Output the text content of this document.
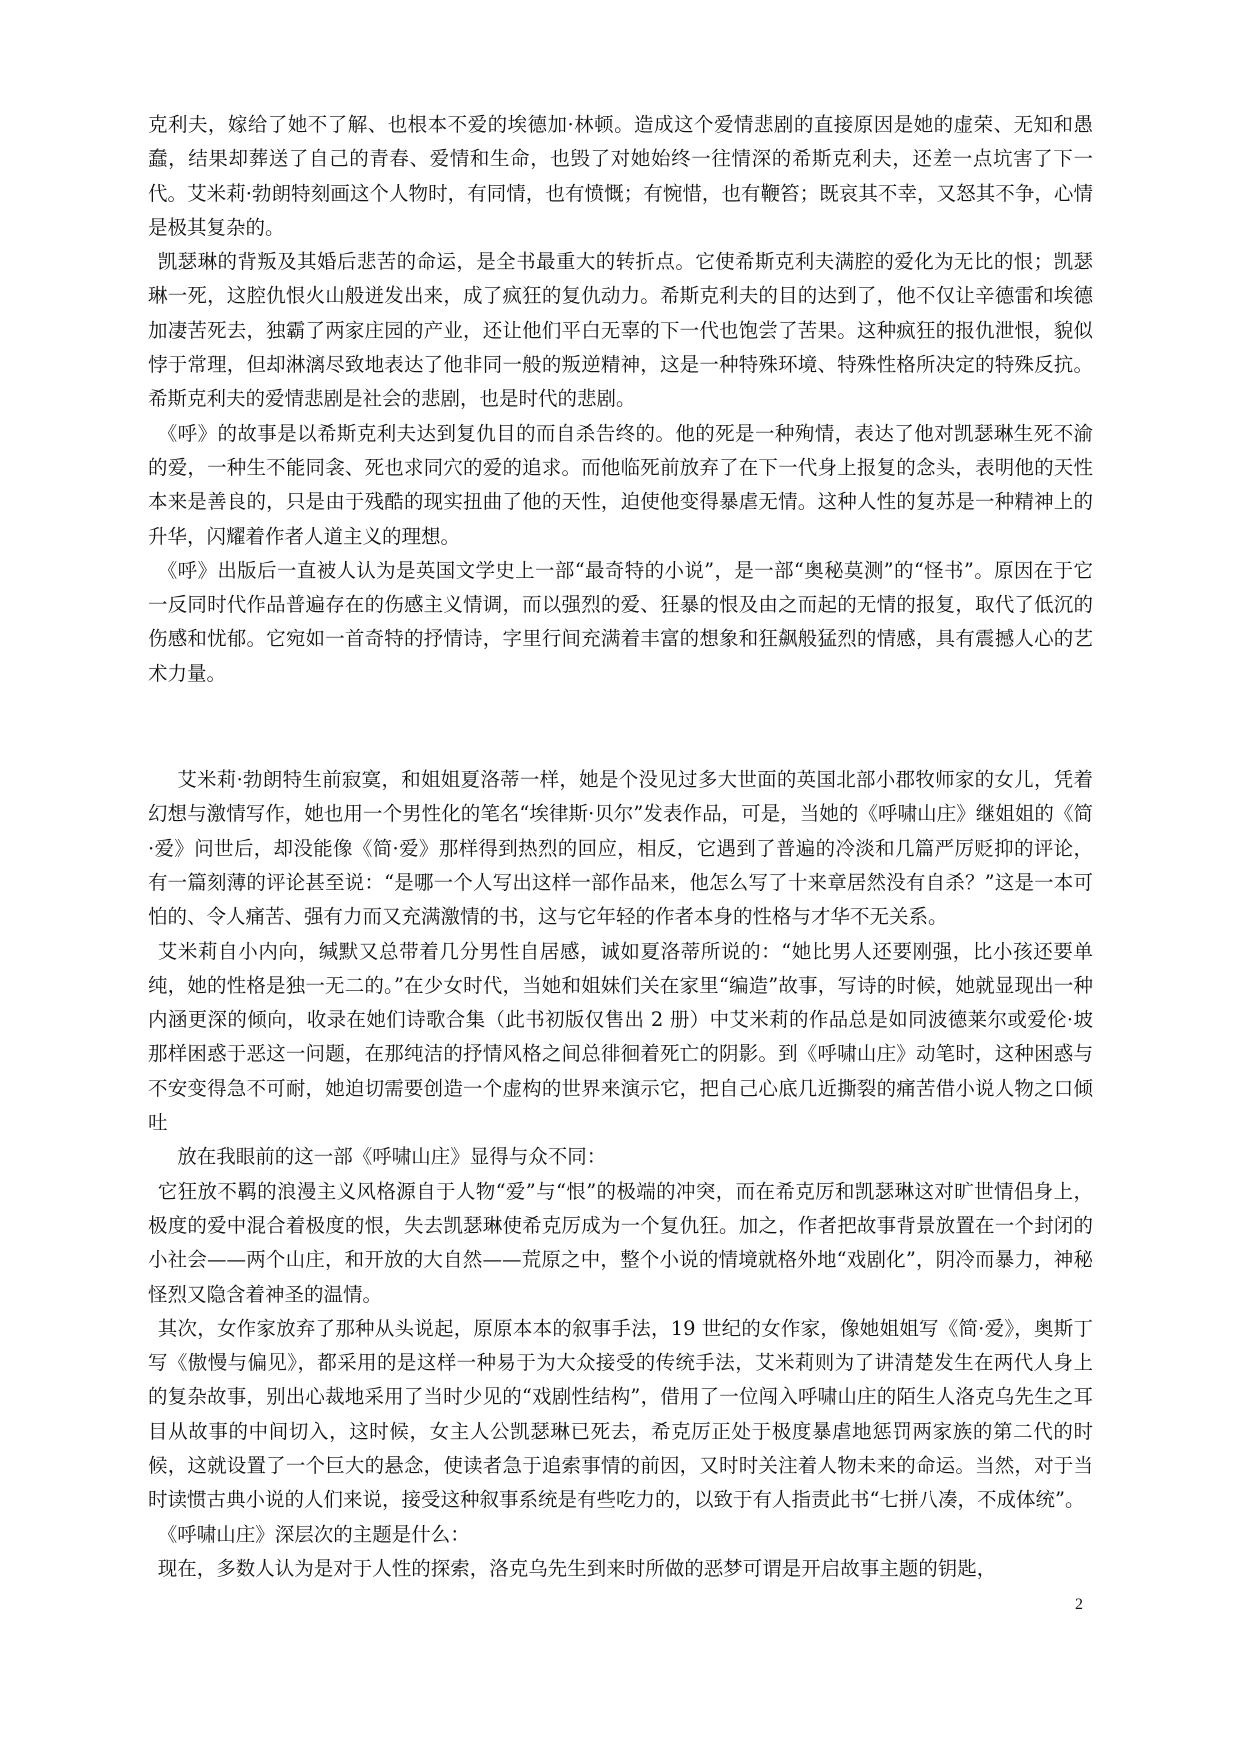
克利夫，嫁给了她不了解、也根本不爱的埃德加·林顿。造成这个爱情悲剧的直接原因是她的虚荣、无知和愚蠢，结果却葬送了自己的青春、爱情和生命，也毁了对她始终一往情深的希斯克利夫，还差一点坑害了下一代。艾米莉·勃朗特刻画这个人物时，有同情，也有愤慨；有惋惜，也有鞭笞；既哀其不幸，又怒其不争，心情是极其复杂的。

凯瑟琳的背叛及其婚后悲苦的命运，是全书最重大的转折点。它使希斯克利夫满腔的爱化为无比的恨；凯瑟琳一死，这腔仇恨火山般迸发出来，成了疯狂的复仇动力。希斯克利夫的目的达到了，他不仅让辛德雷和埃德加凄苦死去，独霸了两家庄园的产业，还让他们平白无辜的下一代也饱尝了苦果。这种疯狂的报仇泄恨，貌似悖于常理，但却淋漓尽致地表达了他非同一般的叛逆精神，这是一种特殊环境、特殊性格所决定的特殊反抗。希斯克利夫的爱情悲剧是社会的悲剧，也是时代的悲剧。

《呼》的故事是以希斯克利夫达到复仇目的而自杀告终的。他的死是一种殉情，表达了他对凯瑟琳生死不渝的爱，一种生不能同衾、死也求同穴的爱的追求。而他临死前放弃了在下一代身上报复的念头，表明他的天性本来是善良的，只是由于残酷的现实扭曲了他的天性，迫使他变得暴虐无情。这种人性的复苏是一种精神上的升华，闪耀着作者人道主义的理想。

《呼》出版后一直被人认为是英国文学史上一部“最奇特的小说”，是一部“奥秘莫测”的“怪书”。原因在于它一反同时代作品普遍存在的伤感主义情调，而以强烈的爱、狂暴的恨及由之而起的无情的报复，取代了低沉的伤感和忧郁。它宛如一首奇特的抒情诗，字里行间充满着丰富的想象和狂飙般猛烈的情感，具有震撼人心的艺术力量。

艾米莉·勃朗特生前寂寞，和姐姐夏洛蒂一样，她是个没见过多大世面的英国北部小郡牧师家的女儿，凭着幻想与激情写作，她也用一个男性化的笔名“埃律斯·贝尔”发表作品，可是，当她的《呼啸山庄》继姐姐的《简·爱》问世后，却没能像《简·爱》那样得到热烈的回应，相反，它遇到了普遍的冷淡和几篇严厉贬抑的评论，有一篇刻薄的评论甚至说：“是哪一个人写出这样一部作品来，他怎么写了十来章居然没有自杀？”这是一本可怕的、令人痛苦、强有力而又充满激情的书，这与它年轻的作者本身的性格与才华不无关系。

艾米莉自小内向，缄默又总带着几分男性自居感，诚如夏洛蒂所说的：“她比男人还要刚强，比小孩还要单纯，她的性格是独一无二的。”在少女时代，当她和姐妹们关在家里“编造”故事，写诗的时候，她就显现出一种内涵更深的倾向，收录在她们诗歌合集（此书初版仅售出 2 册）中艾米莉的作品总是如同波德莱尔或爱伦·坡那样困惑于恶这一问题，在那纯洁的抒情风格之间总徘徊着死亡的阴影。到《呼啸山庄》动笔时，这种困惑与不安变得急不可耐，她迫切需要创造一个虚构的世界来演示它，把自己心底几近撕裂的痛苦借小说人物之口倾吐

放在我眼前的这一部《呼啸山庄》显得与众不同：

它狂放不羁的浪漫主义风格源自于人物“爱”与“恨”的极端的冲突，而在希克厉和凯瑟琳这对旷世情侣身上，极度的爱中混合着极度的恨，失去凯瑟琳使希克厉成为一个复仇狂。加之，作者把故事背景放置在一个封闭的小社会——两个山庄，和开放的大自然——荒原之中，整个小说的情境就格外地“戏剧化”，阴冷而暴力，神秘怪烈又隐含着神圣的温情。

其次，女作家放弃了那种从头说起，原原本本的叙事手法，19 世纪的女作家，像她姐姐写《简·爱》，奥斯丁写《傲慢与偏见》，都采用的是这样一种易于为大众接受的传统手法，艾米莉则为了讲清楚发生在两代人身上的复杂故事，别出心裁地采用了当时少见的“戏剧性结构”，借用了一位闯入呼啸山庄的陌生人洛克乌先生之耳目从故事的中间切入，这时候，女主人公凯瑟琳已死去，希克厉正处于极度暴虐地惩罚两家族的第二代的时候，这就设置了一个巨大的悬念，使读者急于追索事情的前因，又时时关注着人物未来的命运。当然，对于当时读惯古典小说的人们来说，接受这种叙事系统是有些吃力的，以致于有人指责此书“七拼八凑，不成体统”。

《呼啸山庄》深层次的主题是什么：

现在，多数人认为是对于人性的探索，洛克乌先生到来时所做的恶梦可谓是开启故事主题的钥匙，

2
